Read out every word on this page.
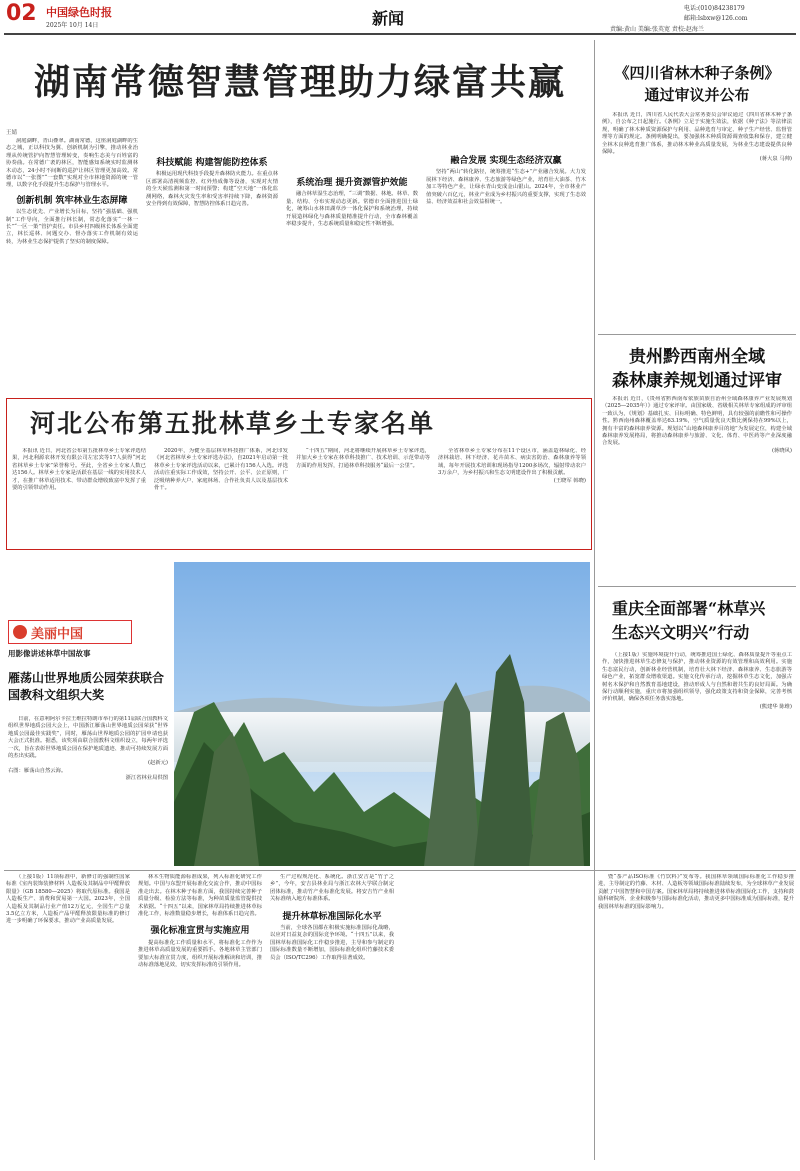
02 中国绿色时报
2025年 10月 14日	新闻
电话:(010)84238179
邮箱:lsbxw@126.com
责编:黄山 美编:张英宽 责校:赵海兰
湖南常德智慧管理助力绿富共赢
王婧

洞庭湖畔，青山叠翠。湖南常德，这座洞庭湖畔的生态之城，正以科技为翼、创新机制为引擎，推动林业治理从传统管护向智慧管理转变，奏响生态美与百姓富的协奏曲。在常德广袤的林区，智能感知系统实时监测林木动态，24小时不间断的巡护让林区管理更加高效。常德市以“一张图”“一套数”实现对全市林地资源的统一管理，以数字化手段提升生态保护与管理水平。

创新机制 筑牢林业生态屏障

以生态优先、产业增长为目标，坚持“强基础、强机制”工作导向，全面推行林长制，常态化落实“一林一长”“一区一策”管护责任。市县乡村四级林长体系全面建立，林长巡林、问题交办、督办落实工作机制有效运转，为林业生态保护提供了坚实的制度保障。

科技赋能 构建智能防控体系

积极运用现代科技手段提升森林防火能力。在重点林区部署高清视频监控、红外热成像等设备，实现对火情的全天候监测和第一时间预警；构建“空天地”一体化监测网络，森林火灾发生率和受害率持续下降，森林资源安全得到有效保障，智慧防控体系日趋完善。

系统治理 提升资源管护效能

融合林草湿生态治理，“三调”数据、林地、林草、数量、结构、分布实现动态更新。常德市全面推进国土绿化，统筹山水林田湖草沙一体化保护和系统治理，持续开展造林绿化与森林质量精准提升行动，全市森林覆盖率稳步提升，生态系统质量和稳定性不断增强。

融合发展 实现生态经济双赢

坚持“两山”转化路径，统筹推进“生态+”产业融合发展。大力发展林下经济、森林康养、生态旅游等绿色产业，培育壮大油茶、竹木加工等特色产业，让绿水青山变成金山银山。2024年，全市林业产值突破六百亿元，林业产业成为乡村振兴的重要支撑，实现了生态效益、经济效益和社会效益相统一。

《四川省林木种子条例》
通过审议并公布

本报讯 近日，四川省人民代表大会常务委员会审议通过《四川省林木种子条例》，自公布之日起施行。《条例》立足于实施生效法，依据《种子法》等法律法规，明确了林木种质资源保护与利用、品种选育与审定、种子生产经营、监督管理等方面的规定。条例明确提出，要加强林木种质资源调查收集和保存，建立健全林木良种选育推广体系，推动林木种业高质量发展，为林业生态建设提供良种保障。

(蒋大泉 马帅)
贵州黔西南州全域
森林康养规划通过评审

本报讯 近日，《贵州省黔西南布依族苗族自治州全域森林康养产业发展规划（2025—2035年）》通过专家评审。由国家级、省级相关林草专家组成的评审组一致认为，《规划》基础扎实、目标明确、特色鲜明，具有较强的前瞻性和可操作性。黔西南州森林覆盖率达63.19%，空气质量优良天数比例保持在99%以上，拥有丰富的森林康养资源。规划以“山地森林康养目的地”为发展定位，构建全域森林康养发展格局，将推动森林康养与旅游、文化、体育、中医药等产业深度融合发展。

(蒋晓风)
河北公布第五批林草乡土专家名单

本报讯 近日，河北省公布第五批林草乡土专家评选结果，河北利源农林开发有限公司左宏宾等17人获得“河北省林草乡土专家”荣誉称号。至此，全省乡土专家人数已达156人。林草乡土专家是活跃在基层一线的实用技术人才，在推广林草适用技术、带动群众增收致富中发挥了重要的引领带动作用。

2020年，为健全基层林草科技推广体系，河北印发《河北省林草乡土专家评选办法》，自2021年启动第一批林草乡土专家评选活动以来，已累计有156人入选。评选活动注重实际工作成效，坚持公开、公平、公正原则，广泛吸纳种养大户、家庭林场、合作社负责人以及基层技术骨干。

“十四五”期间，河北将继续开展林草乡土专家评选，并加大乡土专家在林草科技推广、技术培训、示范带动等方面的作用发挥，打通林草科技服务“最后一公里”。

全省林草乡土专家分布在11个设区市，涵盖造林绿化、经济林栽培、林下经济、花卉苗木、病虫害防治、森林康养等领域，每年开展技术培训和现场指导1200多场次，辐射带动农户3万余户，为乡村振兴和生态文明建设作出了积极贡献。

(王晓军 韩晓)
美丽中国
用影像讲述林草中国故事
雁荡山世界地质公园荣获联合国教科文组织大奖

日前，在意利阿尔卡拉王维拉特朗市举行的第11届联合国教科文组织世界地质公园大会上，中国浙江雁荡山世界地质公园荣获“世界地质公园最佳实践奖”，同时，雁荡山世界地质公园的扩园申请也获大会正式批准。据悉，该奖项由联合国教科文组织设立，每两年评选一次，旨在表彰世界地质公园在保护地质遗迹、推动可持续发展方面的杰出实践。

(赵新元)
右图：雁荡山自然云海。
浙江省林业局供图
重庆全面部署“林草兴
生态兴文明兴”行动

（上接1版）实施环境提升行动，统筹推进国土绿化、森林质量提升等重点工作，加快推进林草生态修复与保护，推动林业资源的有效管理和高效利用。实施生态富民行动，创新林业经营机制，培育壮大林下经济、森林康养、生态旅游等绿色产业，拓宽群众增收渠道。实施文化传承行动，挖掘林草生态文化，加强古树名木保护和自然教育基地建设，推动形成人与自然和谐共生的良好局面。为确保行动顺利实施，重庆市将加强组织领导，强化政策支持和资金保障，完善考核评价机制，确保各项任务落实落地。

(熊建华 陈维)

（上接1版）11项标准中，新修订的强制性国家标准《室内装饰装修材料 人造板及其制品中甲醛释放限量》（GB 18580—2025）将取代原标准。我国是人造板生产、消费和贸易第一大国。2023年，全国人造板及其制品行业产值12万亿元，全国生产总量3.5亿立方米，人造板产品甲醛释放限量标准的修订进一步明确了环保要求，推动产业高质量发展。

林木生物质能源标准成果，列入标准化研究工作规划。中国与东盟开展标准化交流合作，推动中国标准走出去。在林木种子标准方面，我国持续完善种子质量分级、检验方法等标准，为种苗质量监管提供技术依据。“十四五”以来，国家林草局持续推进林草标准化工作，标准数量稳步增长，标准体系日趋完善。

强化标准宣贯与实施应用

提高标准化工作质量和水平，将标准化工作作为推进林草高质量发展的重要抓手。各地林草主管部门要加大标准宣贯力度，组织开展标准解读和培训，推动标准落地见效，切实发挥标准的引领作用。

生产过程规范化、系统化。浙江安吉是“竹子之乡”，今年，安吉县林业局与浙江农林大学联合制定团体标准，推动竹产业标准化发展。将安吉竹产业相关标准纳入地方标准体系。

提升林草标准国际化水平

当前，全球各国都在积极实施标准国际化战略，以应对日益复杂的国际竞争环境。“十四五”以来，我国林草标准国际化工作稳步推进，主导和参与制定的国际标准数量不断增加，国际标准化组织竹藤技术委员会（ISO/TC296）工作取得显著成效。

暨“茶产品ISO标准《竹饮料》”发布等。我国林草领域国际标准化工作稳步推进，主导制定的竹藤、木材、人造板等领域国际标准陆续发布，为全球林草产业发展贡献了中国智慧和中国方案。国家林草局将持续推进林草标准国际化工作，支持和鼓励科研院所、企业积极参与国际标准化活动，推动更多中国标准成为国际标准，提升我国林草标准的国际影响力。
